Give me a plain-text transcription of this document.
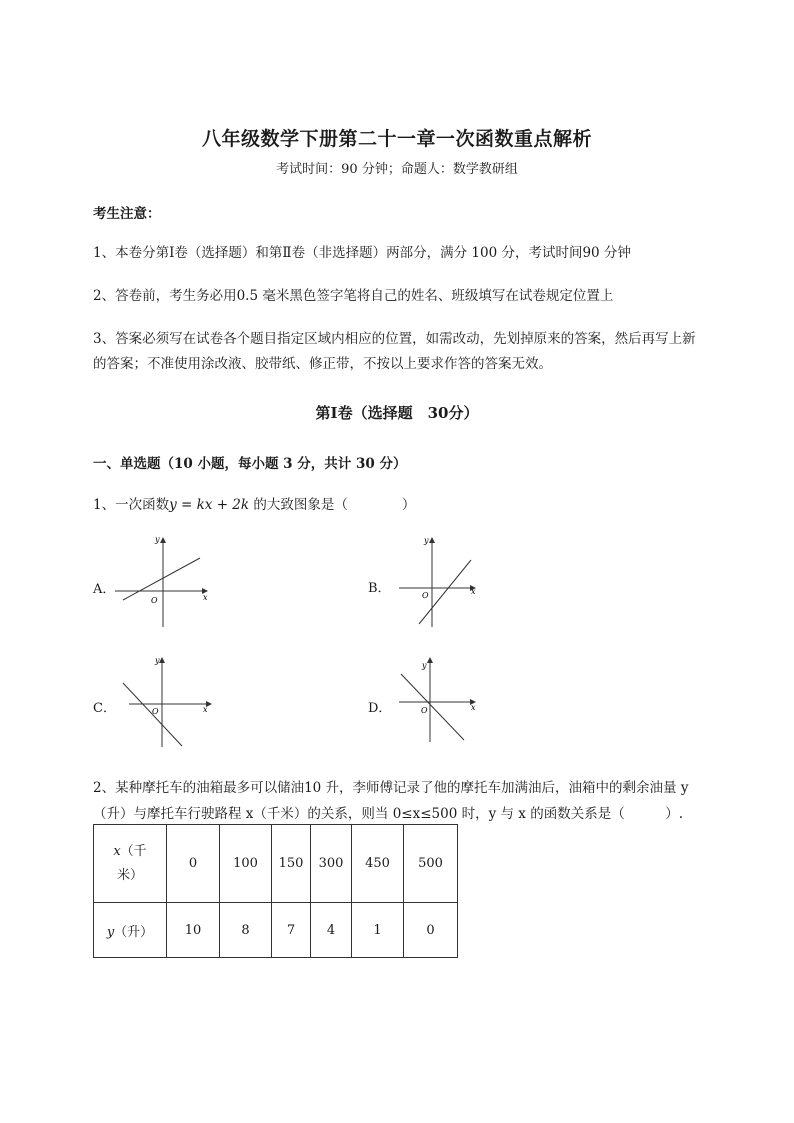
八年级数学下册第二十一章一次函数重点解析
考试时间：90 分钟；命题人：数学教研组
考生注意：
1、本卷分第Ⅰ卷（选择题）和第Ⅱ卷（非选择题）两部分，满分 100 分，考试时间90 分钟
2、答卷前，考生务必用0.5 毫米黑色签字笔将自己的姓名、班级填写在试卷规定位置上
3、答案必须写在试卷各个题目指定区域内相应的位置，如需改动，先划掉原来的答案，然后再写上新
的答案；不准使用涂改液、胶带纸、修正带，不按以上要求作答的答案无效。
第Ⅰ卷（选择题　30分）
一、单选题（10 小题，每小题 3 分，共计 30 分）
1、一次函数y = kx + 2k 的大致图象是（　　　　）
A．
y
x
O
B．
y
x
O
C．
y
x
O	D．
y
x
O
2、某种摩托车的油箱最多可以储油10 升，李师傅记录了他的摩托车加满油后，油箱中的剩余油量 y
（升）与摩托车行驶路程 x（千米）的关系，则当 0≤x≤500 时，y 与 x 的函数关系是（　　　）.
x（千
米）	0	100	150	300	450	500
y（升）	10	8	7	4	1	0
